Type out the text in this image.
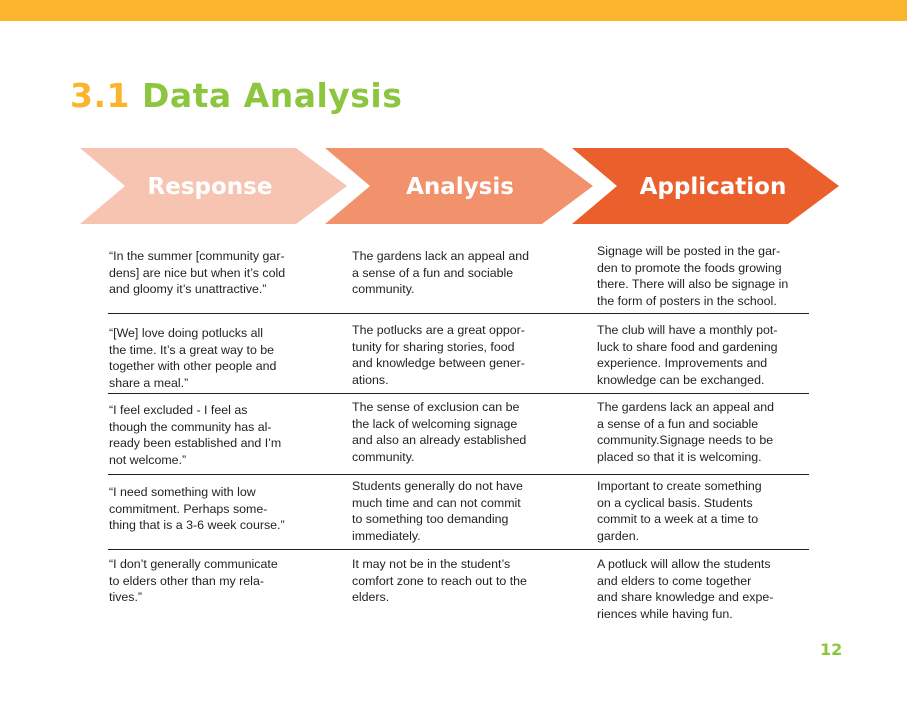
3.1 Data Analysis
Response	Analysis	Application

“In the summer [community gar-
dens] are nice but when it’s cold
and gloomy it’s unattractive.”

The gardens lack an appeal and
a sense of a fun and sociable
community.

Signage will be posted in the gar-
den to promote the foods growing
there. There will also be signage in
the form of posters in the school.

“[We] love doing potlucks all
the time. It’s a great way to be
together with other people and
share a meal.”

The potlucks are a great oppor-
tunity for sharing stories, food
and knowledge between gener-
ations.

The club will have a monthly pot-
luck to share food and gardening
experience. Improvements and
knowledge can be exchanged.

“I feel excluded - I feel as
though the community has al-
ready been established and I’m
not welcome.”

The sense of exclusion can be
the lack of welcoming signage
and also an already established
community.

The gardens lack an appeal and
a sense of a fun and sociable
community.Signage needs to be
placed so that it is welcoming.

“I need something with low
commitment. Perhaps some-
thing that is a 3-6 week course.”

Students generally do not have
much time and can not commit
to something too demanding
immediately.

Important to create something
on a cyclical basis. Students
commit to a week at a time to
garden.

“I don’t generally communicate
to elders other than my rela-
tives.”

It may not be in the student’s
comfort zone to reach out to the
elders.

A potluck will allow the students
and elders to come together
and share knowledge and expe-
riences while having fun.

12
